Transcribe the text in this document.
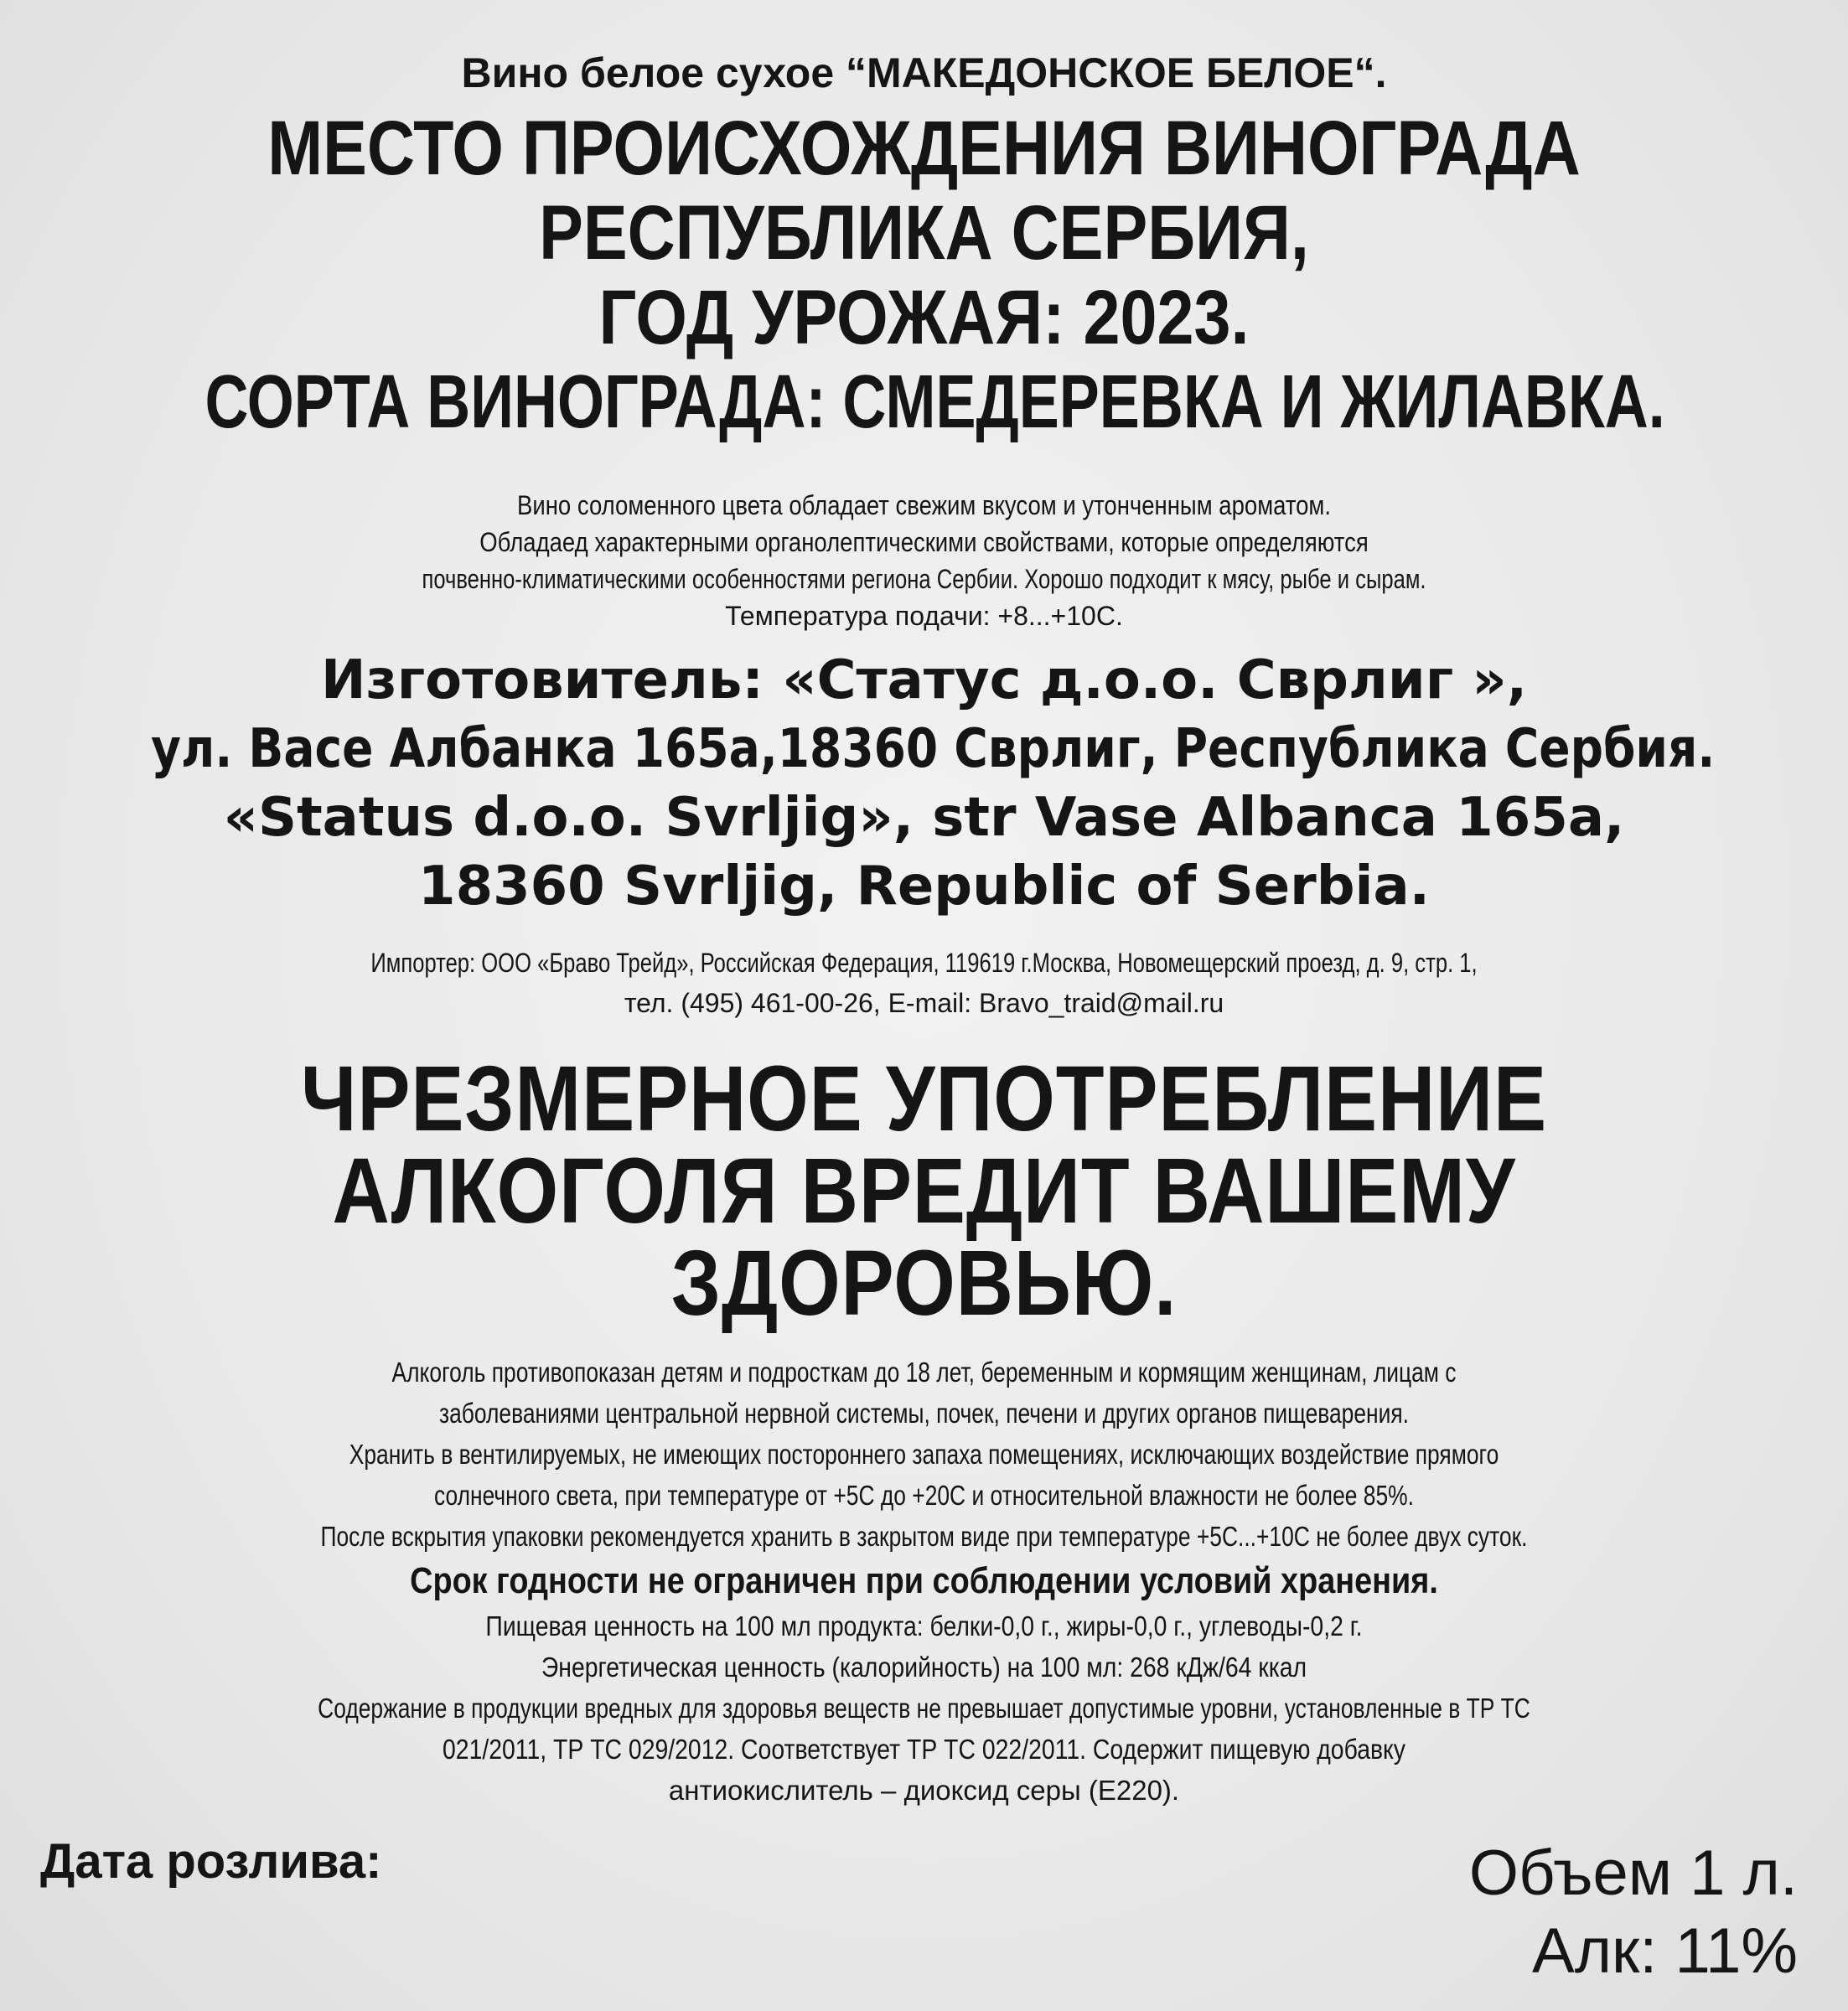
Вино белое сухое “МАКЕДОНСКОЕ БЕЛОЕ“.

МЕСТО ПРОИСХОЖДЕНИЯ ВИНОГРАДА

РЕСПУБЛИКА СЕРБИЯ,

ГОД УРОЖАЯ: 2023.

СОРТА ВИНОГРАДА: СМЕДЕРЕВКА И ЖИЛАВКА.

Вино соломенного цвета обладает свежим вкусом и утонченным ароматом.

Обладаед характерными органолептическими свойствами, которые определяются

почвенно-климатическими особенностями региона Сербии. Хорошо подходит к мясу, рыбе и сырам.

Температура подачи: +8...+10С.

Изготовитель: «Статус д.о.о. Сврлиг »,

ул. Васе Албанка 165а,18360 Сврлиг, Республика Сербия.

«Status d.o.o. Svrljig», str Vase Albanca 165a,

18360 Svrljig, Republic of Serbia.

Импортер: ООО «Браво Трейд», Российская Федерация, 119619 г.Москва, Новомещерский проезд, д. 9, стр. 1,

тел. (495) 461-00-26, E-mail: Bravo_traid@mail.ru

ЧРЕЗМЕРНОЕ УПОТРЕБЛЕНИЕ

АЛКОГОЛЯ ВРЕДИТ ВАШЕМУ

ЗДОРОВЬЮ.

Алкоголь противопоказан детям и подросткам до 18 лет, беременным и кормящим женщинам, лицам с

заболеваниями центральной нервной системы, почек, печени и других органов пищеварения.

Хранить в вентилируемых, не имеющих постороннего запаха помещениях, исключающих воздействие прямого

солнечного света, при температуре от +5С до +20С и относительной влажности не более 85%.

После вскрытия упаковки рекомендуется хранить в закрытом виде при температуре +5С...+10С не более двух суток.

Срок годности не ограничен при соблюдении условий хранения.

Пищевая ценность на 100 мл продукта: белки-0,0 г., жиры-0,0 г., углеводы-0,2 г.

Энергетическая ценность (калорийность) на 100 мл: 268 кДж/64 ккал

Содержание в продукции вредных для здоровья веществ не превышает допустимые уровни, установленные в ТР ТС

021/2011, ТР ТС 029/2012. Соответствует ТР ТС 022/2011. Содержит пищевую добавку

антиокислитель – диоксид серы (Е220).

Дата розлива:	Объем 1 л.
Алк: 11%
